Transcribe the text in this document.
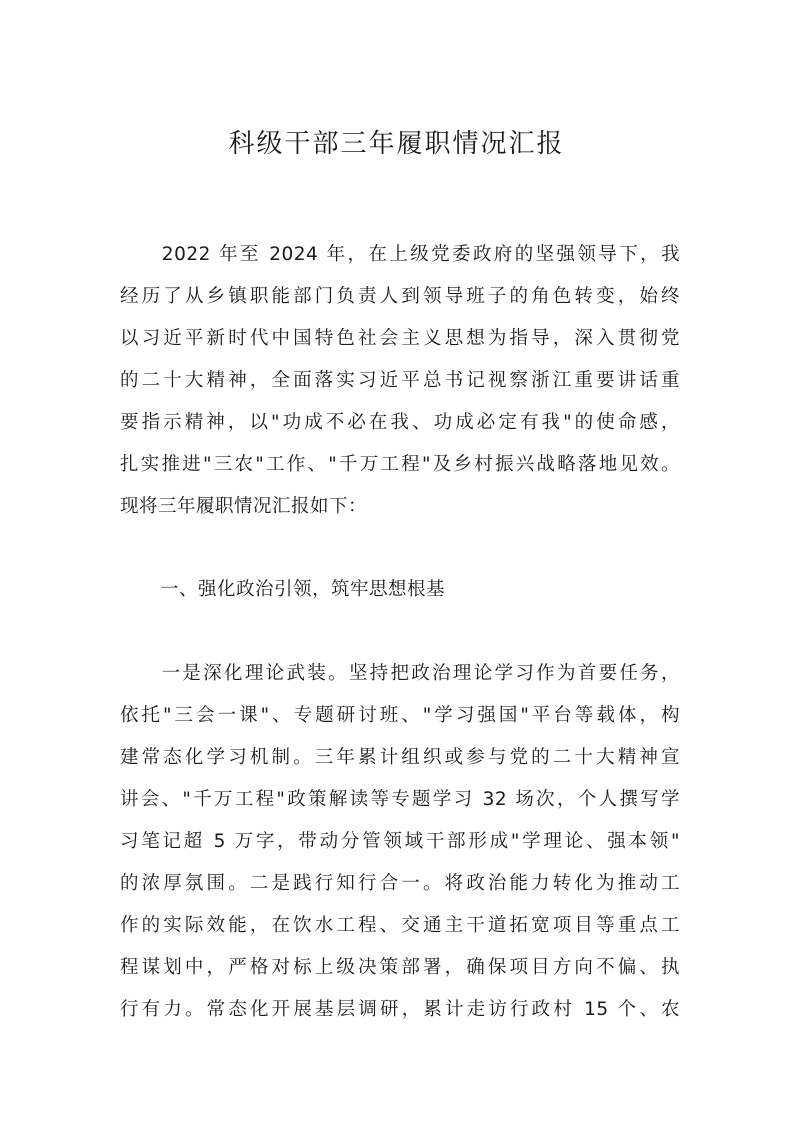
科级干部三年履职情况汇报
　　2022 年至 2024 年，在上级党委政府的坚强领导下，我
经历了从乡镇职能部门负责人到领导班子的角色转变，始终
以习近平新时代中国特色社会主义思想为指导，深入贯彻党
的二十大精神，全面落实习近平总书记视察浙江重要讲话重
要指示精神，以"功成不必在我、功成必定有我"的使命感，
扎实推进"三农"工作、"千万工程"及乡村振兴战略落地见效。
现将三年履职情况汇报如下：
一、强化政治引领，筑牢思想根基
　　一是深化理论武装。坚持把政治理论学习作为首要任务，
依托"三会一课"、专题研讨班、"学习强国"平台等载体，构
建常态化学习机制。三年累计组织或参与党的二十大精神宣
讲会、"千万工程"政策解读等专题学习 32 场次，个人撰写学
习笔记超 5 万字，带动分管领域干部形成"学理论、强本领"
的浓厚氛围。二是践行知行合一。将政治能力转化为推动工
作的实际效能，在饮水工程、交通主干道拓宽项目等重点工
程谋划中，严格对标上级决策部署，确保项目方向不偏、执
行有力。常态化开展基层调研，累计走访行政村 15 个、农
